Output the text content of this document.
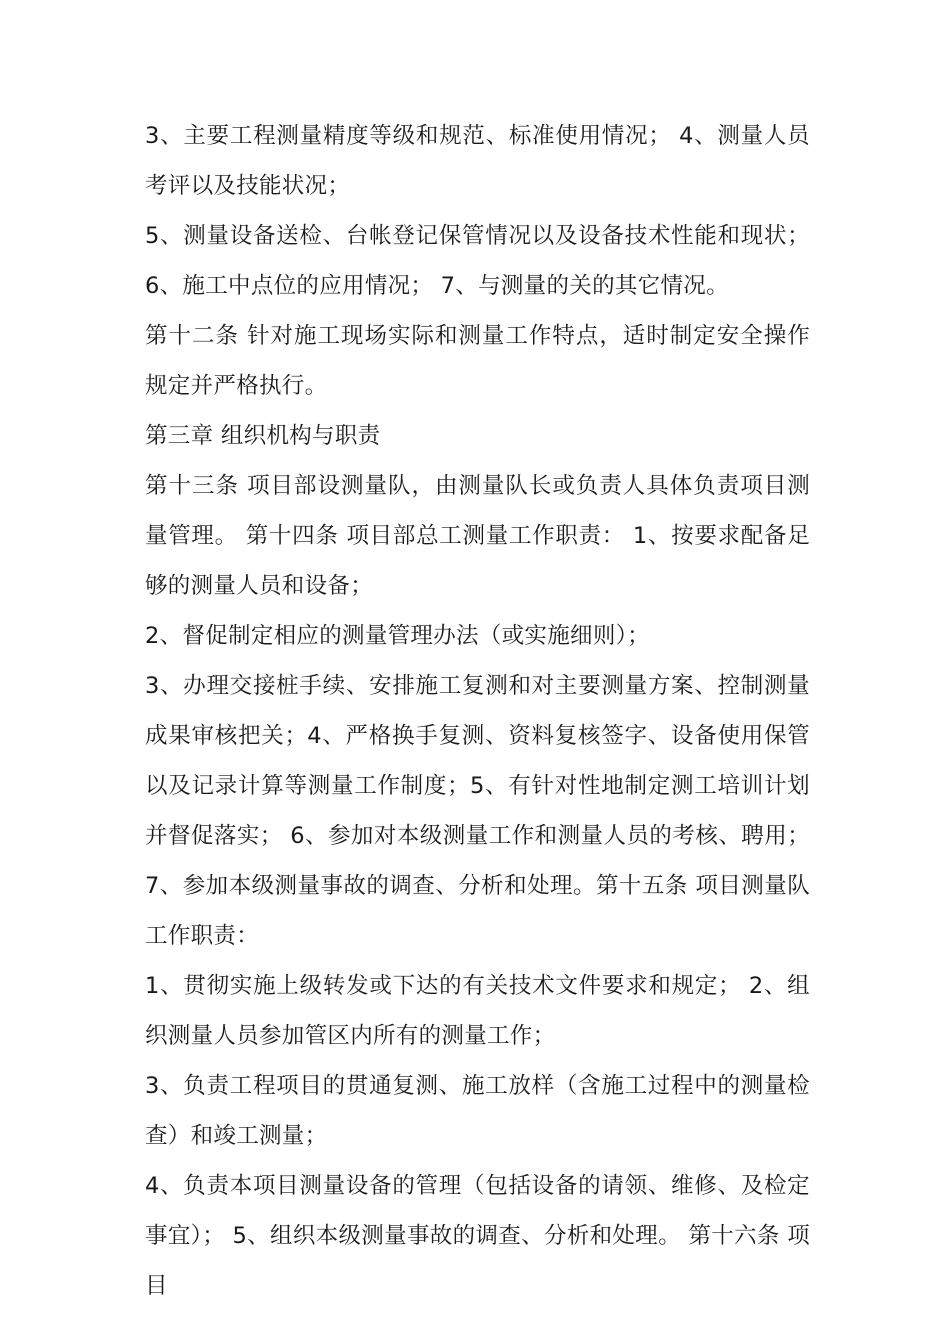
3、主要工程测量精度等级和规范、标准使用情况； 4、测量人员考评以及技能状况；

5、测量设备送检、台帐登记保管情况以及设备技术性能和现状； 6、施工中点位的应用情况； 7、与测量的关的其它情况。

第十二条 针对施工现场实际和测量工作特点，适时制定安全操作规定并严格执行。

第三章 组织机构与职责

第十三条 项目部设测量队，由测量队长或负责人具体负责项目测量管理。 第十四条 项目部总工测量工作职责： 1、按要求配备足够的测量人员和设备；

2、督促制定相应的测量管理办法（或实施细则）；

3、办理交接桩手续、安排施工复测和对主要测量方案、控制测量成果审核把关；4、严格换手复测、资料复核签字、设备使用保管以及记录计算等测量工作制度；5、有针对性地制定测工培训计划并督促落实； 6、参加对本级测量工作和测量人员的考核、聘用； 7、参加本级测量事故的调查、分析和处理。第十五条 项目测量队工作职责：

1、贯彻实施上级转发或下达的有关技术文件要求和规定； 2、组织测量人员参加管区内所有的测量工作；

3、负责工程项目的贯通复测、施工放样（含施工过程中的测量检查）和竣工测量；

4、负责本项目测量设备的管理（包括设备的请领、维修、及检定事宜）； 5、组织本级测量事故的调查、分析和处理。 第十六条 项目
